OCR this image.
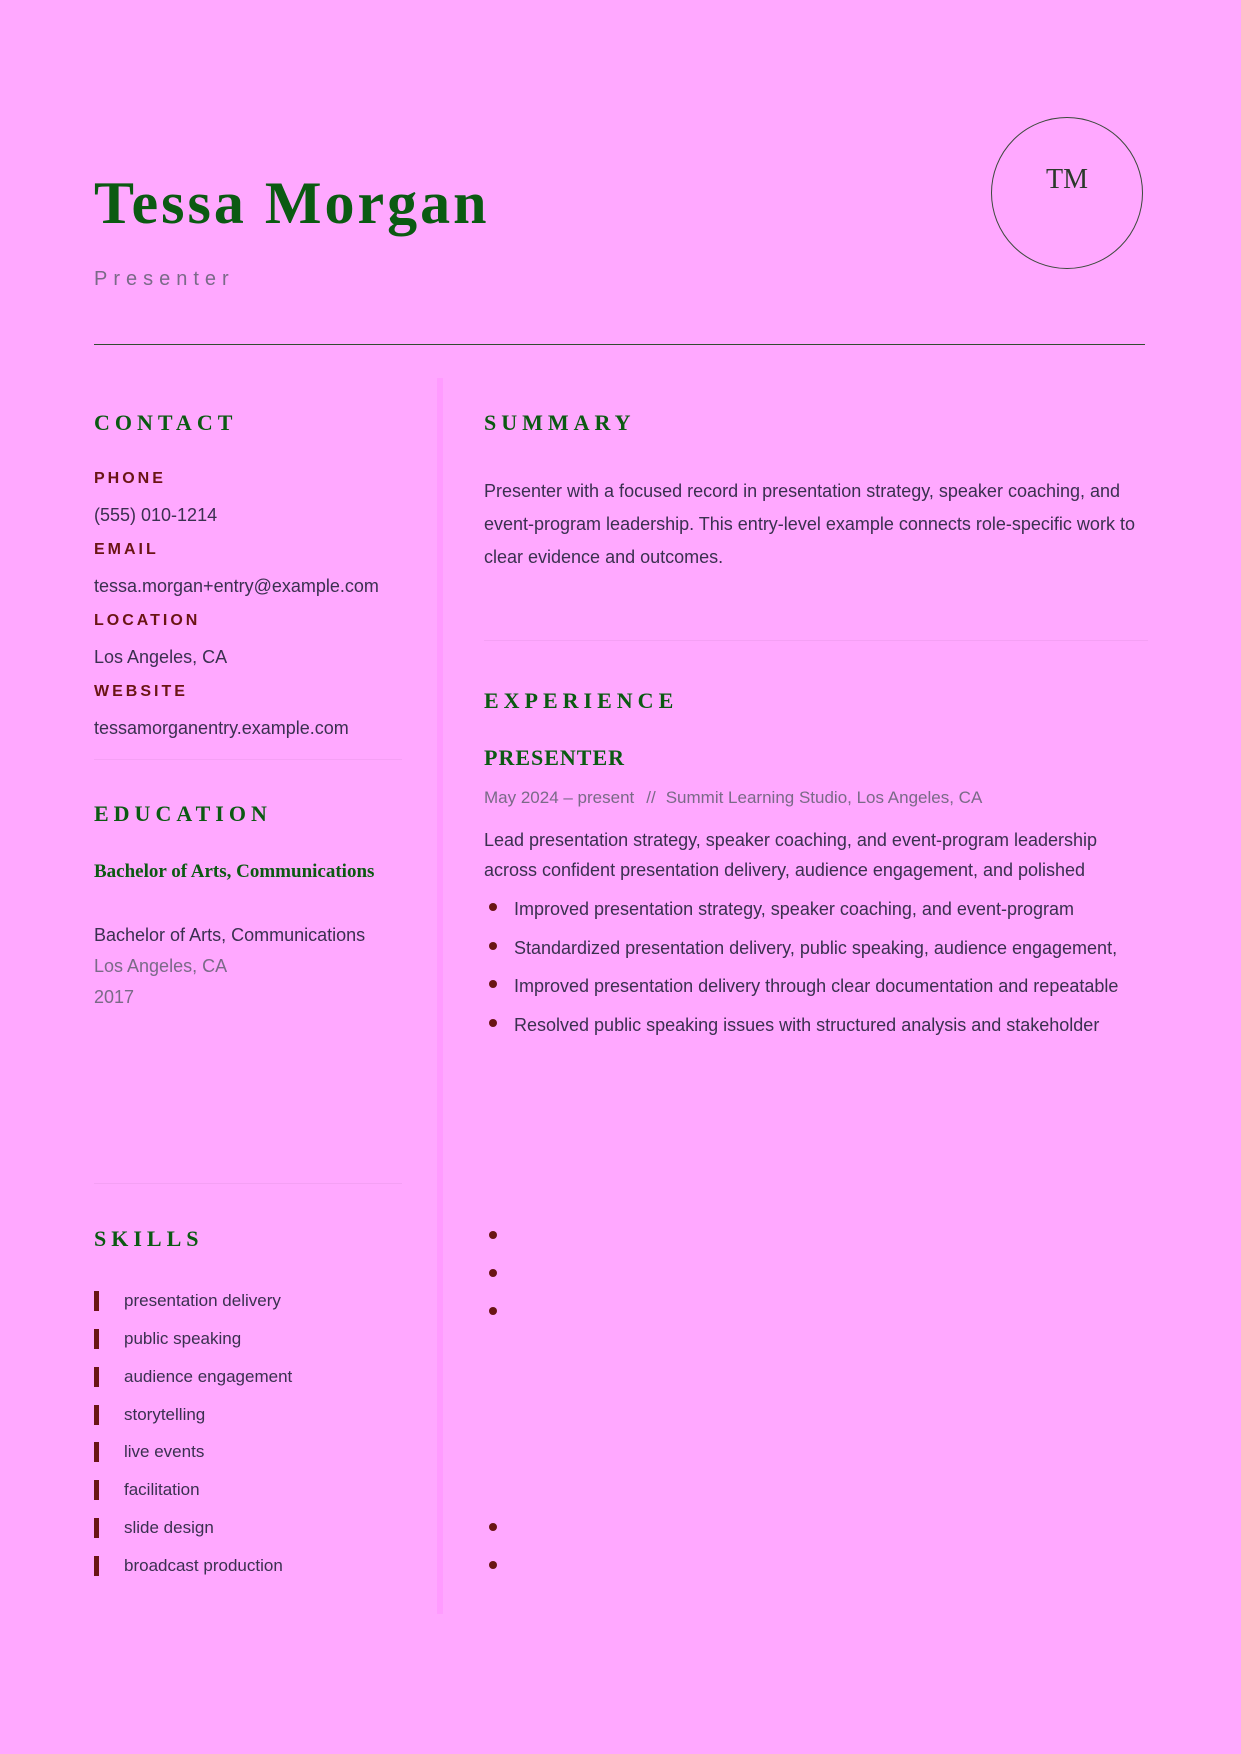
Tessa Morgan
Presenter
TM
CONTACT
PHONE
(555) 010-1214
EMAIL
tessa.morgan+entry@example.com
LOCATION
Los Angeles, CA
WEBSITE
tessamorganentry.example.com
EDUCATION
Bachelor of Arts, Communications
Bachelor of Arts, Communications
Los Angeles, CA
2017
SKILLS
presentation delivery
public speaking
audience engagement
storytelling
live events
facilitation
slide design
broadcast production
SUMMARY
Presenter with a focused record in presentation strategy, speaker coaching, and event-program leadership. This entry-level example connects role-specific work to clear evidence and outcomes.
EXPERIENCE
PRESENTER
May 2024 – present // Summit Learning Studio, Los Angeles, CA
Lead presentation strategy, speaker coaching, and event-program leadership across confident presentation delivery, audience engagement, and polished
Improved presentation strategy, speaker coaching, and event-program
Standardized presentation delivery, public speaking, audience engagement,
Improved presentation delivery through clear documentation and repeatable
Resolved public speaking issues with structured analysis and stakeholder
